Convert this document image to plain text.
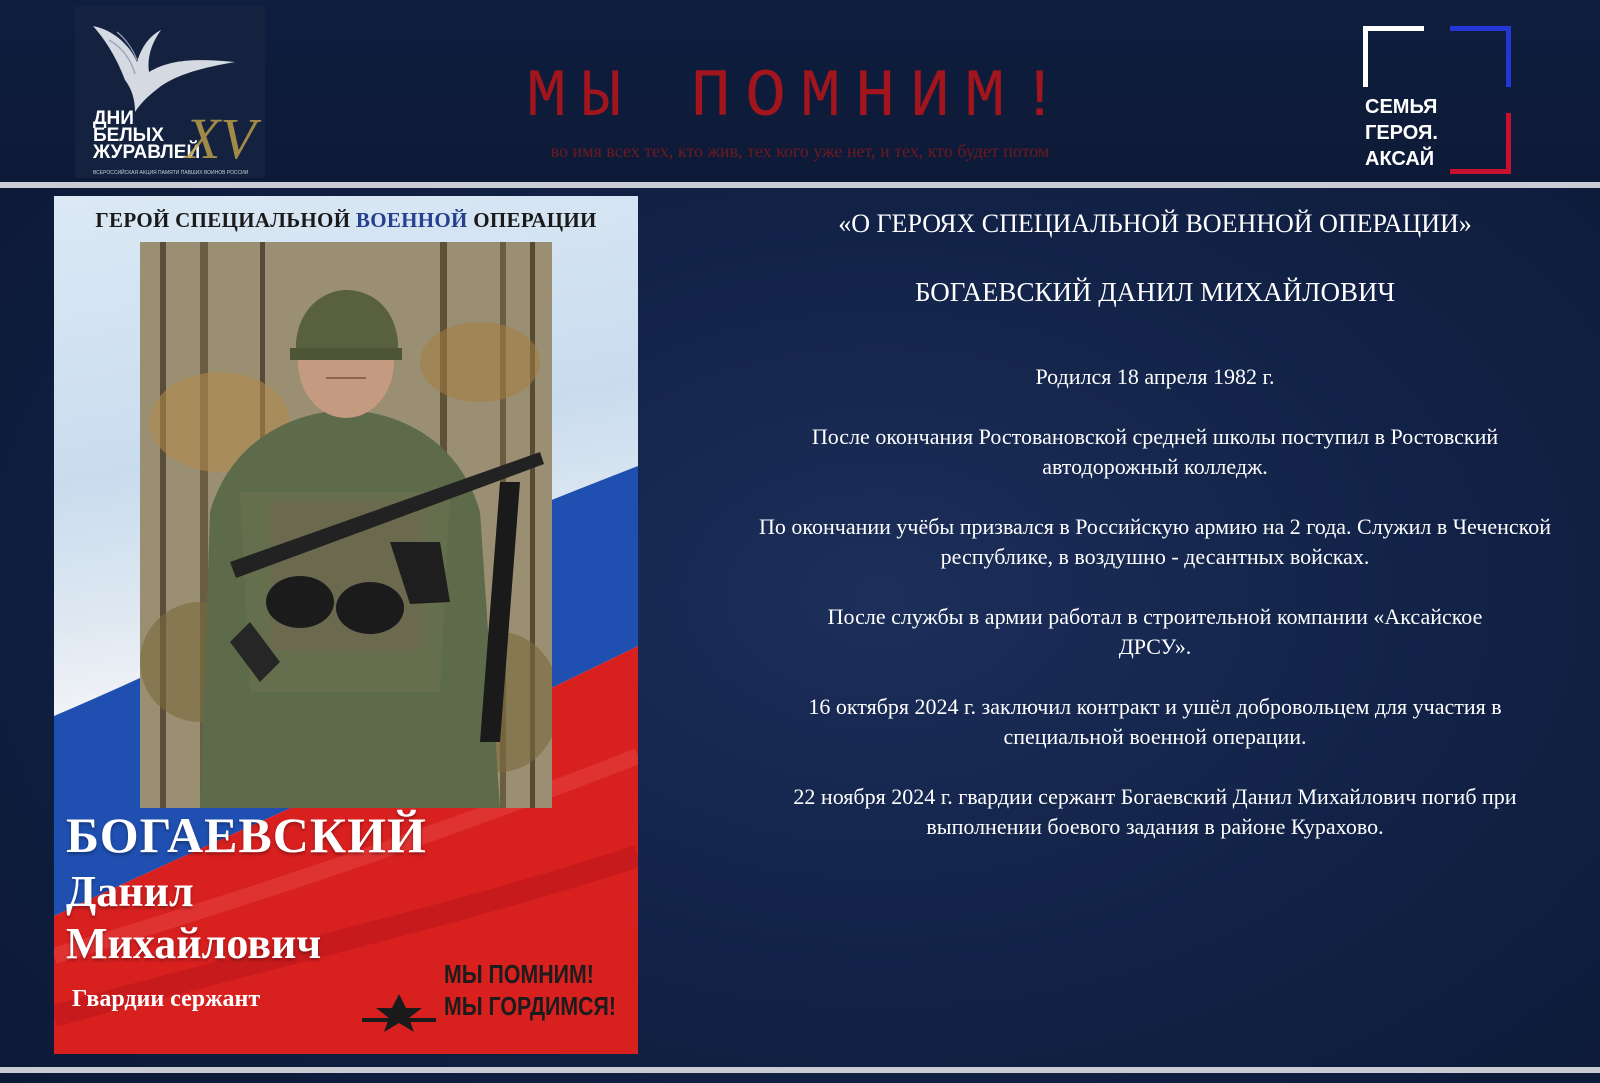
ДНИ
БЕЛЫХ
ЖУРАВЛЕЙ
XV
ВСЕРОССИЙСКАЯ АКЦИЯ ПАМЯТИ ПАВШИХ ВОИНОВ РОССИИ
МЫ ПОМНИМ!
во имя всех тех, кто жив, тех кого уже нет, и тех, кто будет потом
СЕМЬЯ
ГЕРОЯ.
АКСАЙ
ГЕРОЙ СПЕЦИАЛЬНОЙ ВОЕННОЙ ОПЕРАЦИИ
БОГАЕВСКИЙ
Данил
Михайлович
Гвардии сержант
МЫ ПОМНИМ!
МЫ ГОРДИМСЯ!
«О ГЕРОЯХ СПЕЦИАЛЬНОЙ ВОЕННОЙ ОПЕРАЦИИ»
БОГАЕВСКИЙ ДАНИЛ МИХАЙЛОВИЧ
Родился 18 апреля 1982 г.
После окончания Ростовановской средней школы поступил в Ростовский автодорожный колледж.
По окончании учёбы призвался в Российскую армию на 2 года. Служил в Чеченской республике, в воздушно - десантных войсках.
После службы в армии работал в строительной компании «Аксайское ДРСУ».
16 октября 2024 г. заключил контракт и ушёл добровольцем для участия в специальной военной операции.
22 ноября 2024 г. гвардии сержант Богаевский Данил Михайлович погиб при выполнении боевого задания в районе Курахово.
